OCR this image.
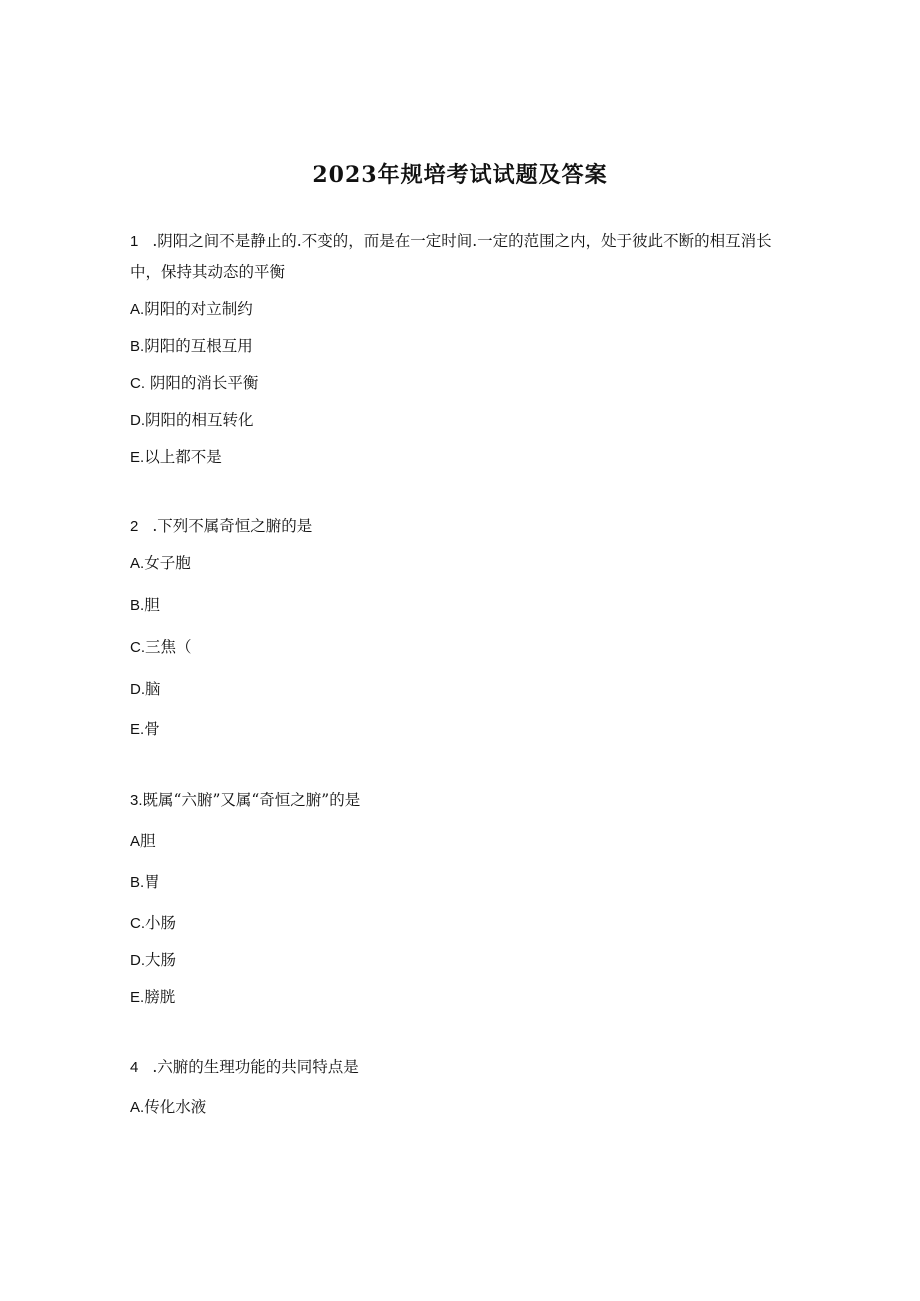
2023年规培考试试题及答案

1 .阴阳之间不是静止的.不变的，而是在一定时间.一定的范围之内，处于彼此不断的相互消长中，保持其动态的平衡

A.阴阳的对立制约
B.阴阳的互根互用
C. 阴阳的消长平衡
D.阴阳的相互转化
E.以上都不是

2 .下列不属奇恒之腑的是

A.女子胞
B.胆
C.三焦（
D.脑
E.骨

3.既属“六腑”又属“奇恒之腑”的是

A胆
B.胃
C.小肠
D.大肠
E.膀胱

4 .六腑的生理功能的共同特点是

A.传化水液
